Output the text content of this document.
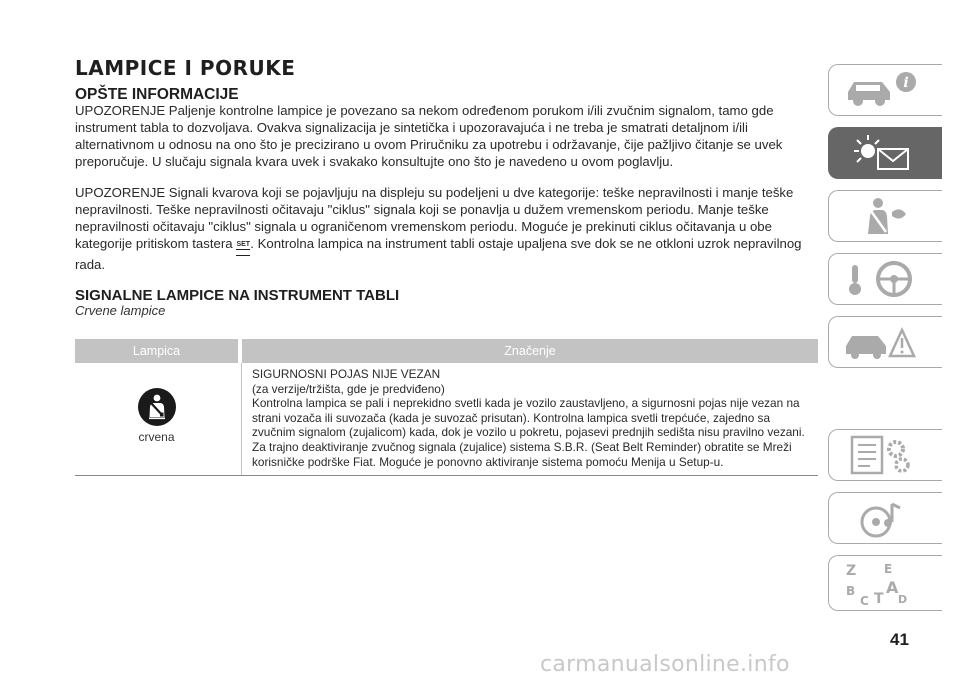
LAMPICE I PORUKE
OPŠTE INFORMACIJE

UPOZORENJE Paljenje kontrolne lampice je povezano sa nekom određenom porukom i/ili zvučnim signalom, tamo gde instrument tabla to dozvoljava. Ovakva signalizacija je sintetička i upozoravajuća i ne treba je smatrati detaljnom i/ili alternativnom u odnosu na ono što je precizirano u ovom Priručniku za upotrebu i održavanje, čije pažljivo čitanje se uvek preporučuje. U slučaju signala kvara uvek i svakako konsultujte ono što je navedeno u ovom poglavlju.

UPOZORENJE Signali kvarova koji se pojavljuju na displeju su podeljeni u dve kategorije: teške nepravilnosti i manje teške nepravilnosti. Teške nepravilnosti očitavaju "ciklus" signala koji se ponavlja u dužem vremenskom periodu. Manje teške nepravilnosti očitavaju "ciklus" signala u ograničenom vremenskom periodu. Moguće je prekinuti ciklus očitavanja u obe kategorije pritiskom tastera SET
. Kontrolna lampica na instrument tabli ostaje upaljena sve dok se ne otkloni uzrok nepravilnog rada.

SIGNALNE LAMPICE NA INSTRUMENT TABLI
Crvene lampice
Lampica	Značenje
crvena
SIGURNOSNI POJAS NIJE VEZAN
(za verzije/tržišta, gde je predviđeno)
Kontrolna lampica se pali i neprekidno svetli kada je vozilo zaustavljeno, a sigurnosni pojas nije vezan na strani vozača ili suvozača (kada je suvozač prisutan). Kontrolna lampica svetli trepćuće, zajedno sa zvučnim signalom (zujalicom) kada, dok je vozilo u pokretu, pojasevi prednjih sedišta nisu pravilno vezani.
Za trajno deaktiviranje zvučnog signala (zujalice) sistema S.B.R. (Seat Belt Reminder) obratite se Mreži korisničke podrške Fiat. Moguće je ponovno aktiviranje sistema pomoću Menija u Setup-u.
i
Z E
B A
C T D
41
carmanualsonline.info
